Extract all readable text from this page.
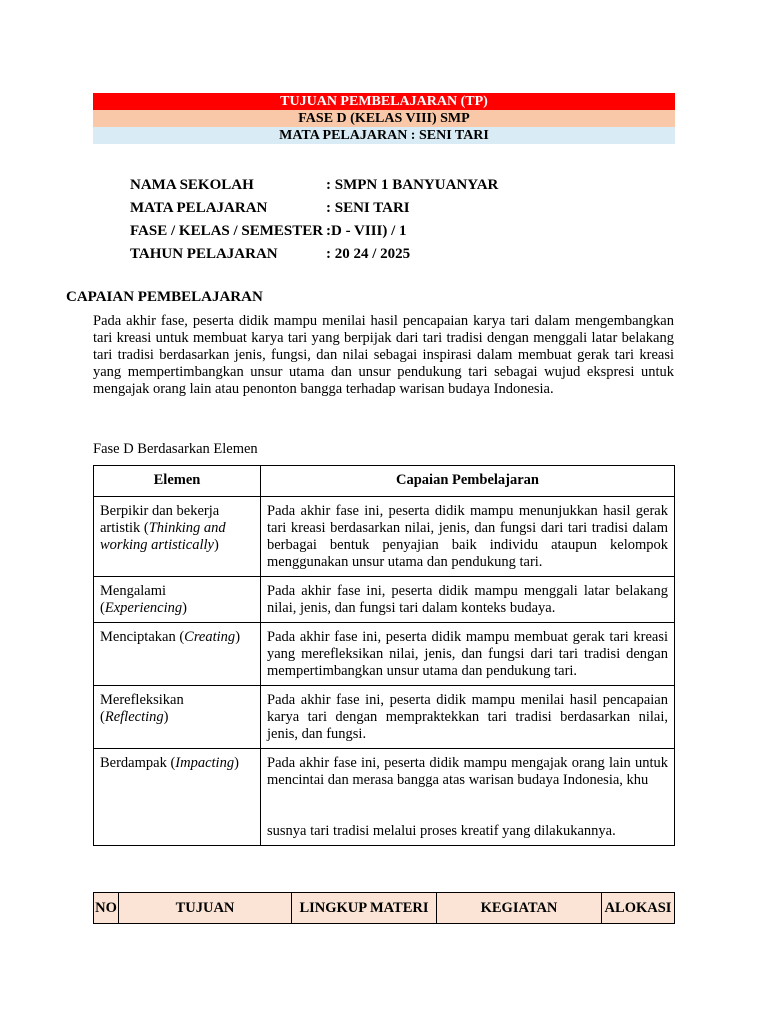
TUJUAN PEMBELAJARAN (TP)
FASE D (KELAS VIII) SMP
MATA PELAJARAN : SENI TARI
NAMA SEKOLAH	: SMPN 1 BANYUANYAR
MATA PELAJARAN	: SENI TARI
FASE / KELAS / SEMESTER :D - VIII) / 1
TAHUN PELAJARAN	: 20 24 / 2025
CAPAIAN PEMBELAJARAN

Pada akhir fase, peserta didik mampu menilai hasil pencapaian karya tari dalam mengembangkan tari kreasi untuk membuat karya tari yang berpijak dari tari tradisi dengan menggali latar belakang tari tradisi berdasarkan jenis, fungsi, dan nilai sebagai inspirasi dalam membuat gerak tari kreasi yang mempertimbangkan unsur utama dan unsur pendukung tari sebagai wujud ekspresi untuk mengajak orang lain atau penonton bangga terhadap warisan budaya Indonesia.

Fase D Berdasarkan Elemen
Elemen	Capaian Pembelajaran
Berpikir dan bekerja artistik (Thinking and working artistically)	Pada akhir fase ini, peserta didik mampu menunjukkan hasil gerak tari kreasi berdasarkan nilai, jenis, dan fungsi dari tari tradisi dalam berbagai bentuk penyajian baik individu ataupun kelompok menggunakan unsur utama dan pendukung tari.
Mengalami (Experiencing)	Pada akhir fase ini, peserta didik mampu menggali latar belakang nilai, jenis, dan fungsi tari dalam konteks budaya.
Menciptakan (Creating)	Pada akhir fase ini, peserta didik mampu membuat gerak tari kreasi yang merefleksikan nilai, jenis, dan fungsi dari tari tradisi dengan mempertimbangkan unsur utama dan pendukung tari.
Merefleksikan (Reflecting)	Pada akhir fase ini, peserta didik mampu menilai hasil pencapaian karya tari dengan mempraktekkan tari tradisi berdasarkan nilai, jenis, dan fungsi.
Berdampak (Impacting)	Pada akhir fase ini, peserta didik mampu mengajak orang lain untuk mencintai dan merasa bangga atas warisan budaya Indonesia, khu
susnya tari tradisi melalui proses kreatif yang dilakukannya.
NO	TUJUAN	LINGKUP MATERI	KEGIATAN	ALOKASI
